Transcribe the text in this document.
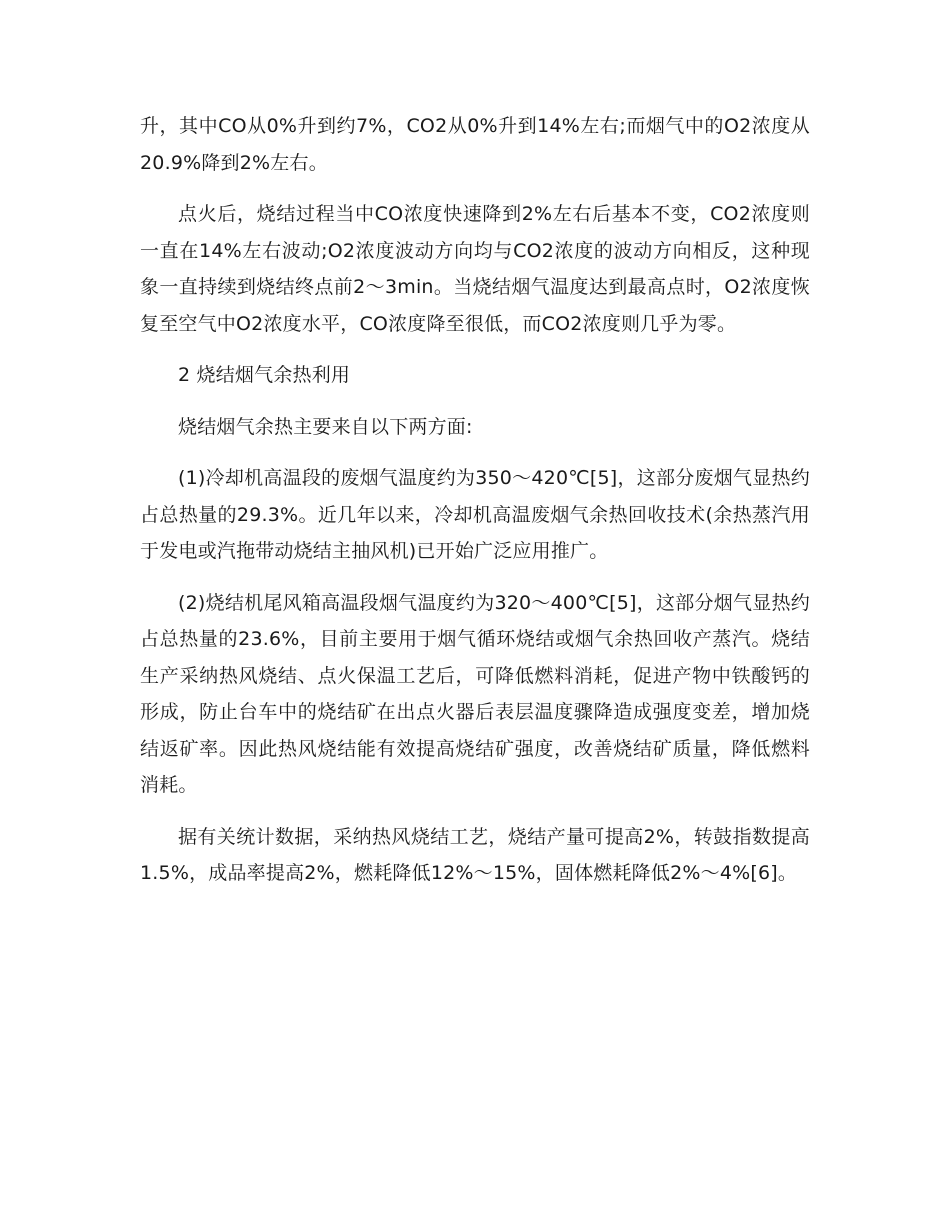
升，其中CO从0%升到约7%，CO2从0%升到14%左右;而烟气中的O2浓度从20.9%降到2%左右。

点火后，烧结过程当中CO浓度快速降到2%左右后基本不变，CO2浓度则一直在14%左右波动;O2浓度波动方向均与CO2浓度的波动方向相反，这种现象一直持续到烧结终点前2～3min。当烧结烟气温度达到最高点时，O2浓度恢复至空气中O2浓度水平，CO浓度降至很低，而CO2浓度则几乎为零。

2 烧结烟气余热利用

烧结烟气余热主要来自以下两方面:

(1)冷却机高温段的废烟气温度约为350～420℃[5]，这部分废烟气显热约占总热量的29.3%。近几年以来，冷却机高温废烟气余热回收技术(余热蒸汽用于发电或汽拖带动烧结主抽风机)已开始广泛应用推广。

(2)烧结机尾风箱高温段烟气温度约为320～400℃[5]，这部分烟气显热约占总热量的23.6%，目前主要用于烟气循环烧结或烟气余热回收产蒸汽。烧结生产采纳热风烧结、点火保温工艺后，可降低燃料消耗，促进产物中铁酸钙的形成，防止台车中的烧结矿在出点火器后表层温度骤降造成强度变差，增加烧结返矿率。因此热风烧结能有效提高烧结矿强度，改善烧结矿质量，降低燃料消耗。

据有关统计数据，采纳热风烧结工艺，烧结产量可提高2%，转鼓指数提高1.5%，成品率提高2%，燃耗降低12%～15%，固体燃耗降低2%～4%[6]。
